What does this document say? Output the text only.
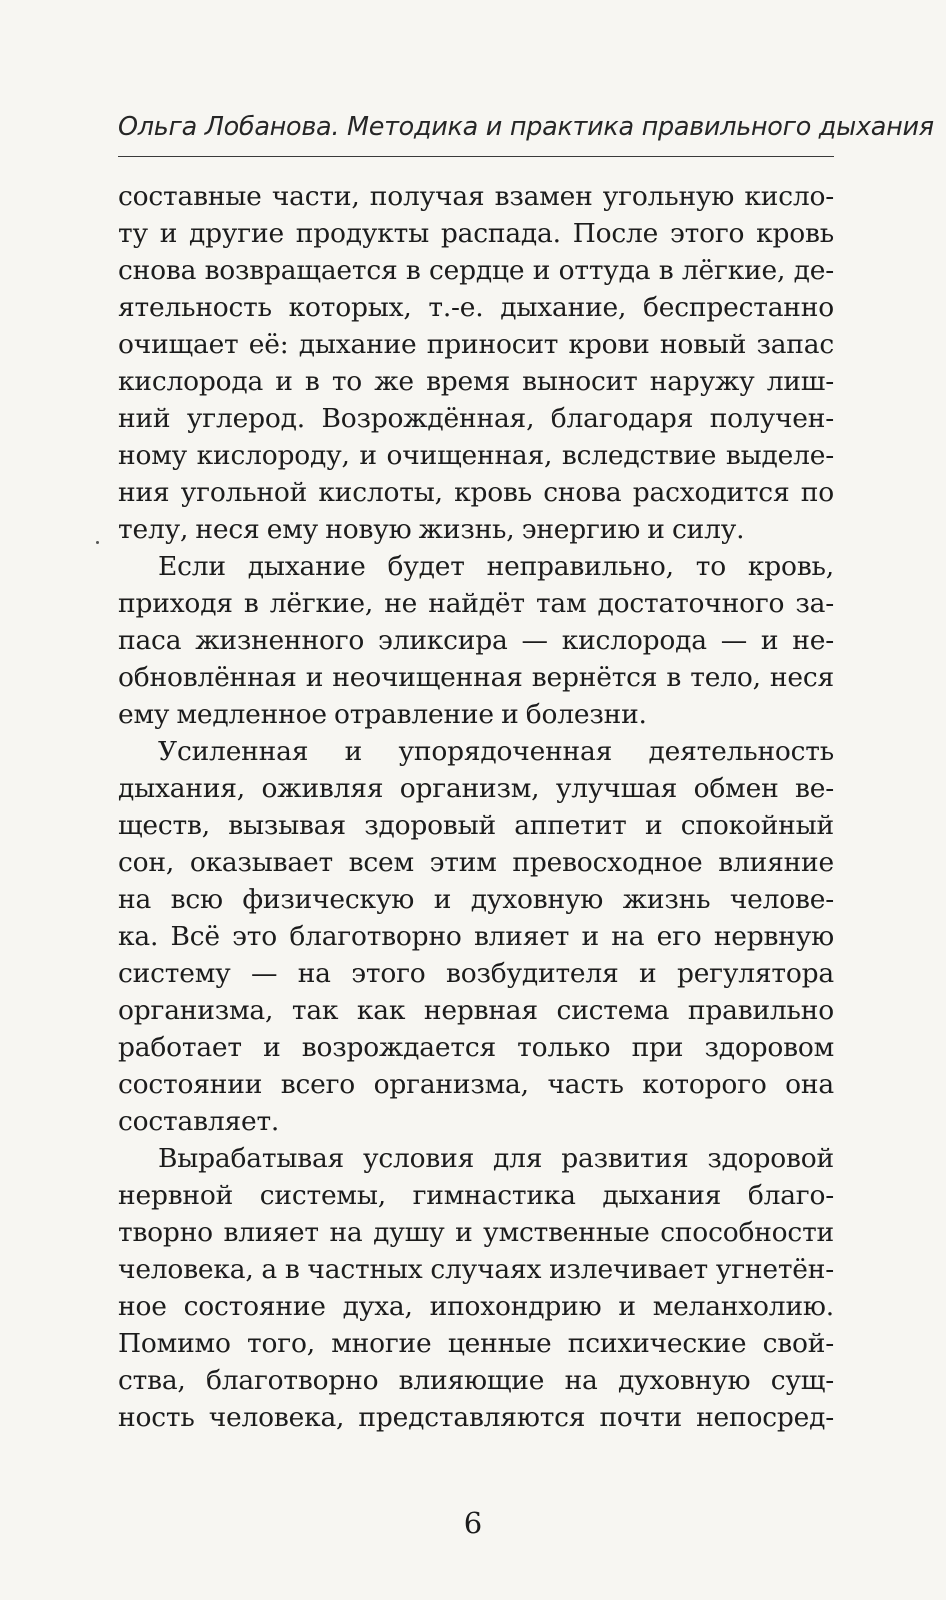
Ольга Лобанова. Методика и практика правильного дыхания
составные части, получая взамен угольную кисло-
ту и другие продукты распада. После этого кровь
снова возвращается в сердце и оттуда в лёгкие, де-
ятельность которых, т.-е. дыхание, беспрестанно
очищает её: дыхание приносит крови новый запас
кислорода и в то же время выносит наружу лиш-
ний углерод. Возрождённая, благодаря получен-
ному кислороду, и очищенная, вследствие выделе-
ния угольной кислоты, кровь снова расходится по
телу, неся ему новую жизнь, энергию и силу.
Если дыхание будет неправильно, то кровь,
приходя в лёгкие, не найдёт там достаточного за-
паса жизненного эликсира — кислорода — и не-
обновлённая и неочищенная вернётся в тело, неся
ему медленное отравление и болезни.
Усиленная и упорядоченная деятельность
дыхания, оживляя организм, улучшая обмен ве-
ществ, вызывая здоровый аппетит и спокойный
сон, оказывает всем этим превосходное влияние
на всю физическую и духовную жизнь челове-
ка. Всё это благотворно влияет и на его нервную
систему — на этого возбудителя и регулятора
организма, так как нервная система правильно
работает и возрождается только при здоровом
состоянии всего организма, часть которого она
составляет.
Вырабатывая условия для развития здоровой
нервной системы, гимнастика дыхания благо-
творно влияет на душу и умственные способности
человека, а в частных случаях излечивает угнетён-
ное состояние духа, ипохондрию и меланхолию.
Помимо того, многие ценные психические свой-
ства, благотворно влияющие на духовную сущ-
ность человека, представляются почти непосред-
6
